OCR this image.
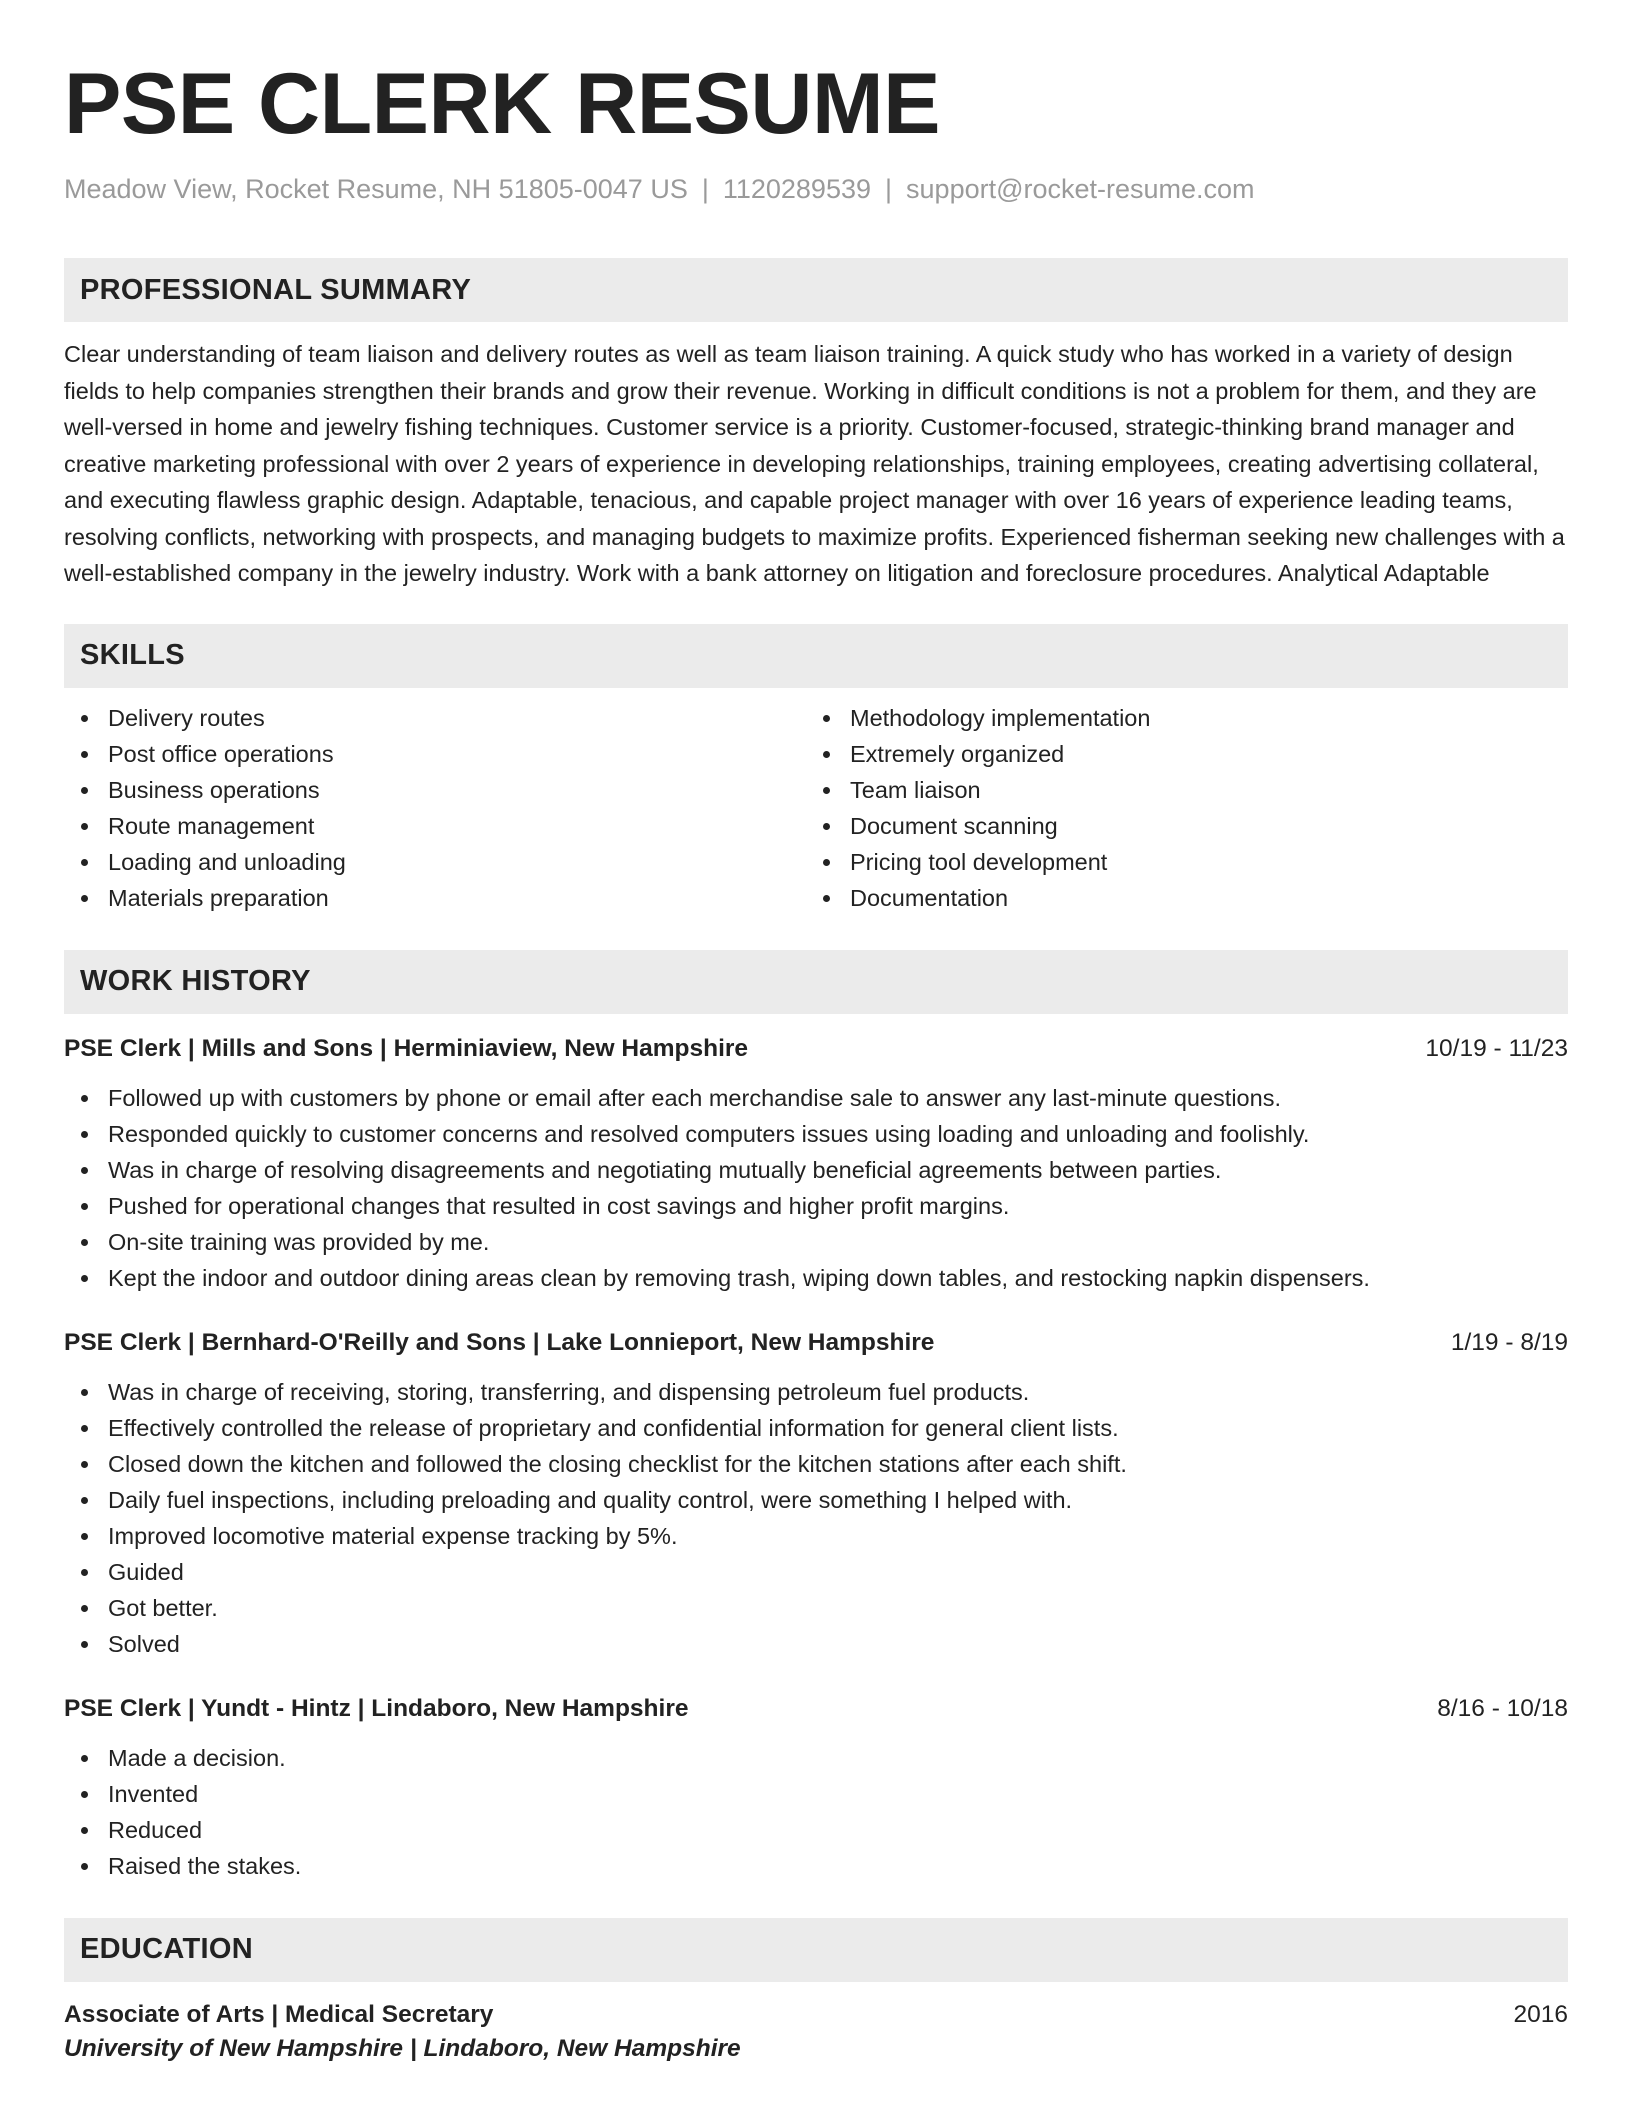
PSE CLERK RESUME
Meadow View, Rocket Resume, NH 51805-0047 US | 1120289539 | support@rocket-resume.com
PROFESSIONAL SUMMARY
Clear understanding of team liaison and delivery routes as well as team liaison training. A quick study who has worked in a variety of design fields to help companies strengthen their brands and grow their revenue. Working in difficult conditions is not a problem for them, and they are well-versed in home and jewelry fishing techniques. Customer service is a priority. Customer-focused, strategic-thinking brand manager and creative marketing professional with over 2 years of experience in developing relationships, training employees, creating advertising collateral, and executing flawless graphic design. Adaptable, tenacious, and capable project manager with over 16 years of experience leading teams, resolving conflicts, networking with prospects, and managing budgets to maximize profits. Experienced fisherman seeking new challenges with a well-established company in the jewelry industry. Work with a bank attorney on litigation and foreclosure procedures. Analytical Adaptable
SKILLS
Delivery routes
Post office operations
Business operations
Route management
Loading and unloading
Materials preparation
Methodology implementation
Extremely organized
Team liaison
Document scanning
Pricing tool development
Documentation
WORK HISTORY
PSE Clerk | Mills and Sons | Herminiaview, New Hampshire	10/19 - 11/23
Followed up with customers by phone or email after each merchandise sale to answer any last-minute questions.
Responded quickly to customer concerns and resolved computers issues using loading and unloading and foolishly.
Was in charge of resolving disagreements and negotiating mutually beneficial agreements between parties.
Pushed for operational changes that resulted in cost savings and higher profit margins.
On-site training was provided by me.
Kept the indoor and outdoor dining areas clean by removing trash, wiping down tables, and restocking napkin dispensers.
PSE Clerk | Bernhard-O'Reilly and Sons | Lake Lonnieport, New Hampshire	1/19 - 8/19
Was in charge of receiving, storing, transferring, and dispensing petroleum fuel products.
Effectively controlled the release of proprietary and confidential information for general client lists.
Closed down the kitchen and followed the closing checklist for the kitchen stations after each shift.
Daily fuel inspections, including preloading and quality control, were something I helped with.
Improved locomotive material expense tracking by 5%.
Guided
Got better.
Solved
PSE Clerk | Yundt - Hintz | Lindaboro, New Hampshire	8/16 - 10/18
Made a decision.
Invented
Reduced
Raised the stakes.
EDUCATION
Associate of Arts | Medical Secretary	2016
University of New Hampshire | Lindaboro, New Hampshire
